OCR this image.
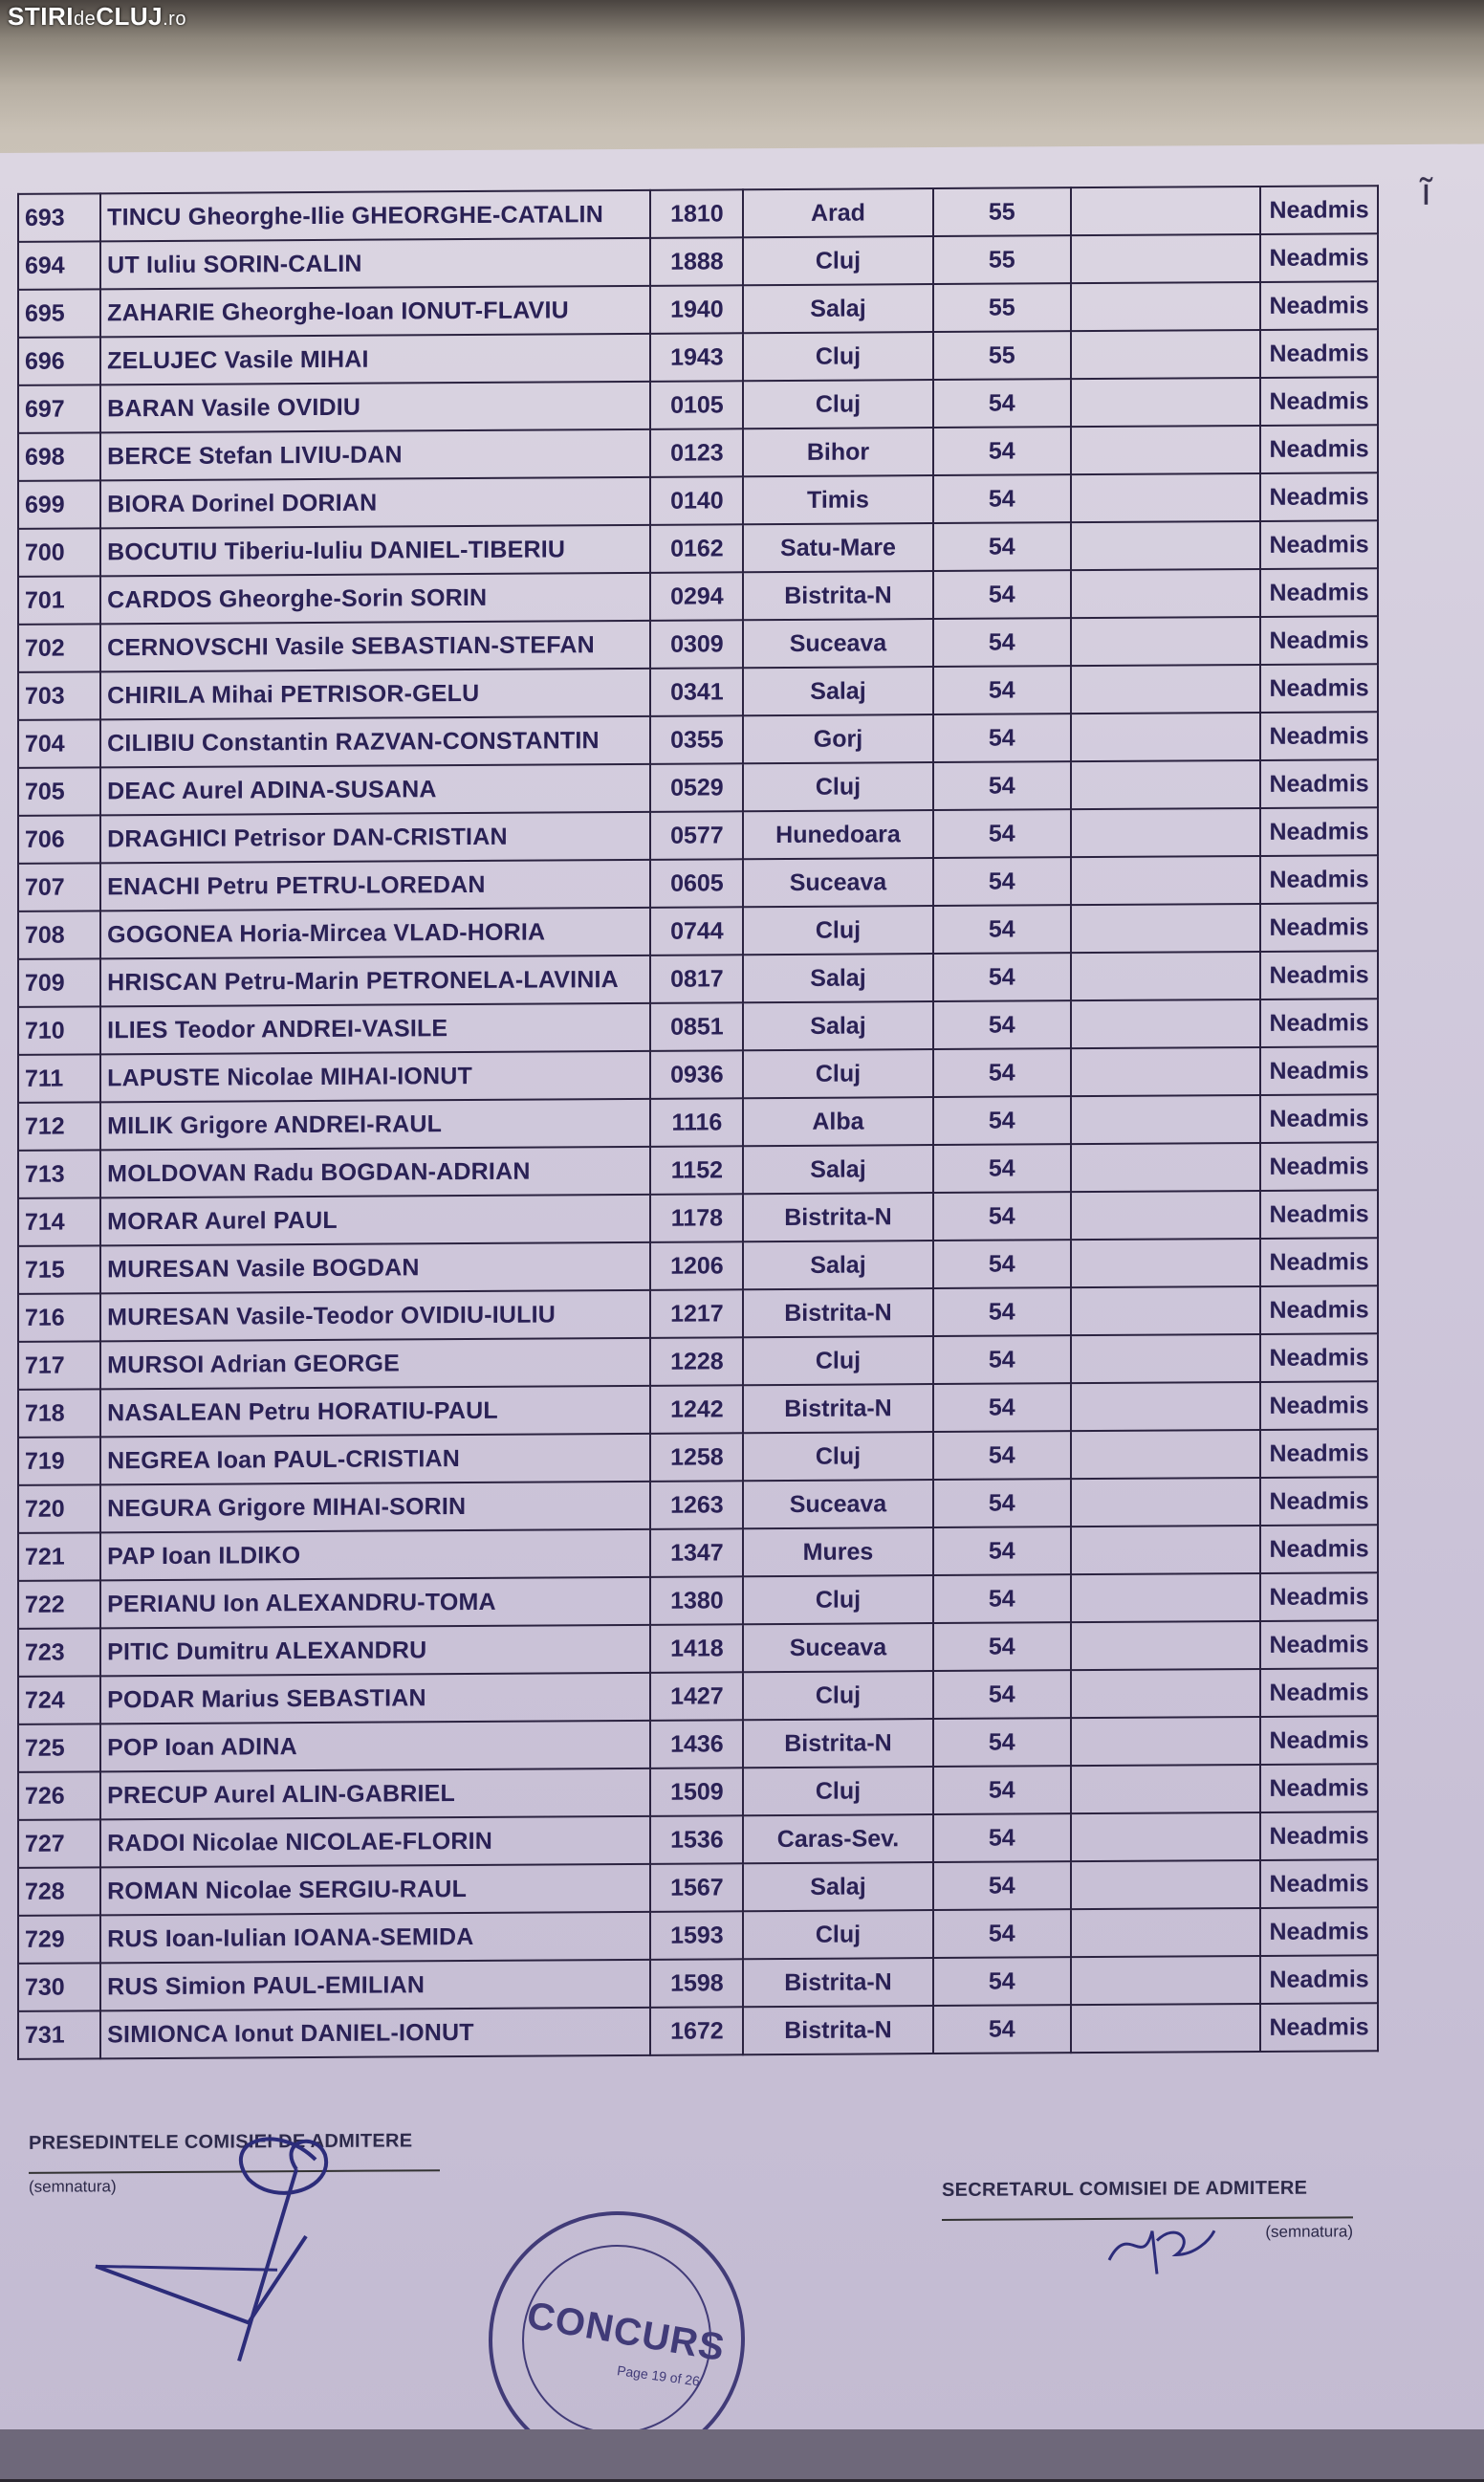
STIRIdeCLUJ.ro
ĩ
693	TINCU Gheorghe-Ilie GHEORGHE-CATALIN	1810	Arad	55		Neadmis
694	UT Iuliu SORIN-CALIN	1888	Cluj	55		Neadmis
695	ZAHARIE Gheorghe-Ioan IONUT-FLAVIU	1940	Salaj	55		Neadmis
696	ZELUJEC Vasile MIHAI	1943	Cluj	55		Neadmis
697	BARAN Vasile OVIDIU	0105	Cluj	54		Neadmis
698	BERCE Stefan LIVIU-DAN	0123	Bihor	54		Neadmis
699	BIORA Dorinel DORIAN	0140	Timis	54		Neadmis
700	BOCUTIU Tiberiu-Iuliu DANIEL-TIBERIU	0162	Satu-Mare	54		Neadmis
701	CARDOS Gheorghe-Sorin SORIN	0294	Bistrita-N	54		Neadmis
702	CERNOVSCHI Vasile SEBASTIAN-STEFAN	0309	Suceava	54		Neadmis
703	CHIRILA Mihai PETRISOR-GELU	0341	Salaj	54		Neadmis
704	CILIBIU Constantin RAZVAN-CONSTANTIN	0355	Gorj	54		Neadmis
705	DEAC Aurel ADINA-SUSANA	0529	Cluj	54		Neadmis
706	DRAGHICI Petrisor DAN-CRISTIAN	0577	Hunedoara	54		Neadmis
707	ENACHI Petru PETRU-LOREDAN	0605	Suceava	54		Neadmis
708	GOGONEA Horia-Mircea VLAD-HORIA	0744	Cluj	54		Neadmis
709	HRISCAN Petru-Marin PETRONELA-LAVINIA	0817	Salaj	54		Neadmis
710	ILIES Teodor ANDREI-VASILE	0851	Salaj	54		Neadmis
711	LAPUSTE Nicolae MIHAI-IONUT	0936	Cluj	54		Neadmis
712	MILIK Grigore ANDREI-RAUL	1116	Alba	54		Neadmis
713	MOLDOVAN Radu BOGDAN-ADRIAN	1152	Salaj	54		Neadmis
714	MORAR Aurel PAUL	1178	Bistrita-N	54		Neadmis
715	MURESAN Vasile BOGDAN	1206	Salaj	54		Neadmis
716	MURESAN Vasile-Teodor OVIDIU-IULIU	1217	Bistrita-N	54		Neadmis
717	MURSOI Adrian GEORGE	1228	Cluj	54		Neadmis
718	NASALEAN Petru HORATIU-PAUL	1242	Bistrita-N	54		Neadmis
719	NEGREA Ioan PAUL-CRISTIAN	1258	Cluj	54		Neadmis
720	NEGURA Grigore MIHAI-SORIN	1263	Suceava	54		Neadmis
721	PAP Ioan ILDIKO	1347	Mures	54		Neadmis
722	PERIANU Ion ALEXANDRU-TOMA	1380	Cluj	54		Neadmis
723	PITIC Dumitru ALEXANDRU	1418	Suceava	54		Neadmis
724	PODAR Marius SEBASTIAN	1427	Cluj	54		Neadmis
725	POP Ioan ADINA	1436	Bistrita-N	54		Neadmis
726	PRECUP Aurel ALIN-GABRIEL	1509	Cluj	54		Neadmis
727	RADOI Nicolae NICOLAE-FLORIN	1536	Caras-Sev.	54		Neadmis
728	ROMAN Nicolae SERGIU-RAUL	1567	Salaj	54		Neadmis
729	RUS Ioan-Iulian IOANA-SEMIDA	1593	Cluj	54		Neadmis
730	RUS Simion PAUL-EMILIAN	1598	Bistrita-N	54		Neadmis
731	SIMIONCA Ionut DANIEL-IONUT	1672	Bistrita-N	54		Neadmis
PRESEDINTELE COMISIEI DE ADMITERE
(semnatura)
CONCURS
Page 19 of 26
SECRETARUL COMISIEI DE ADMITERE
(semnatura)
